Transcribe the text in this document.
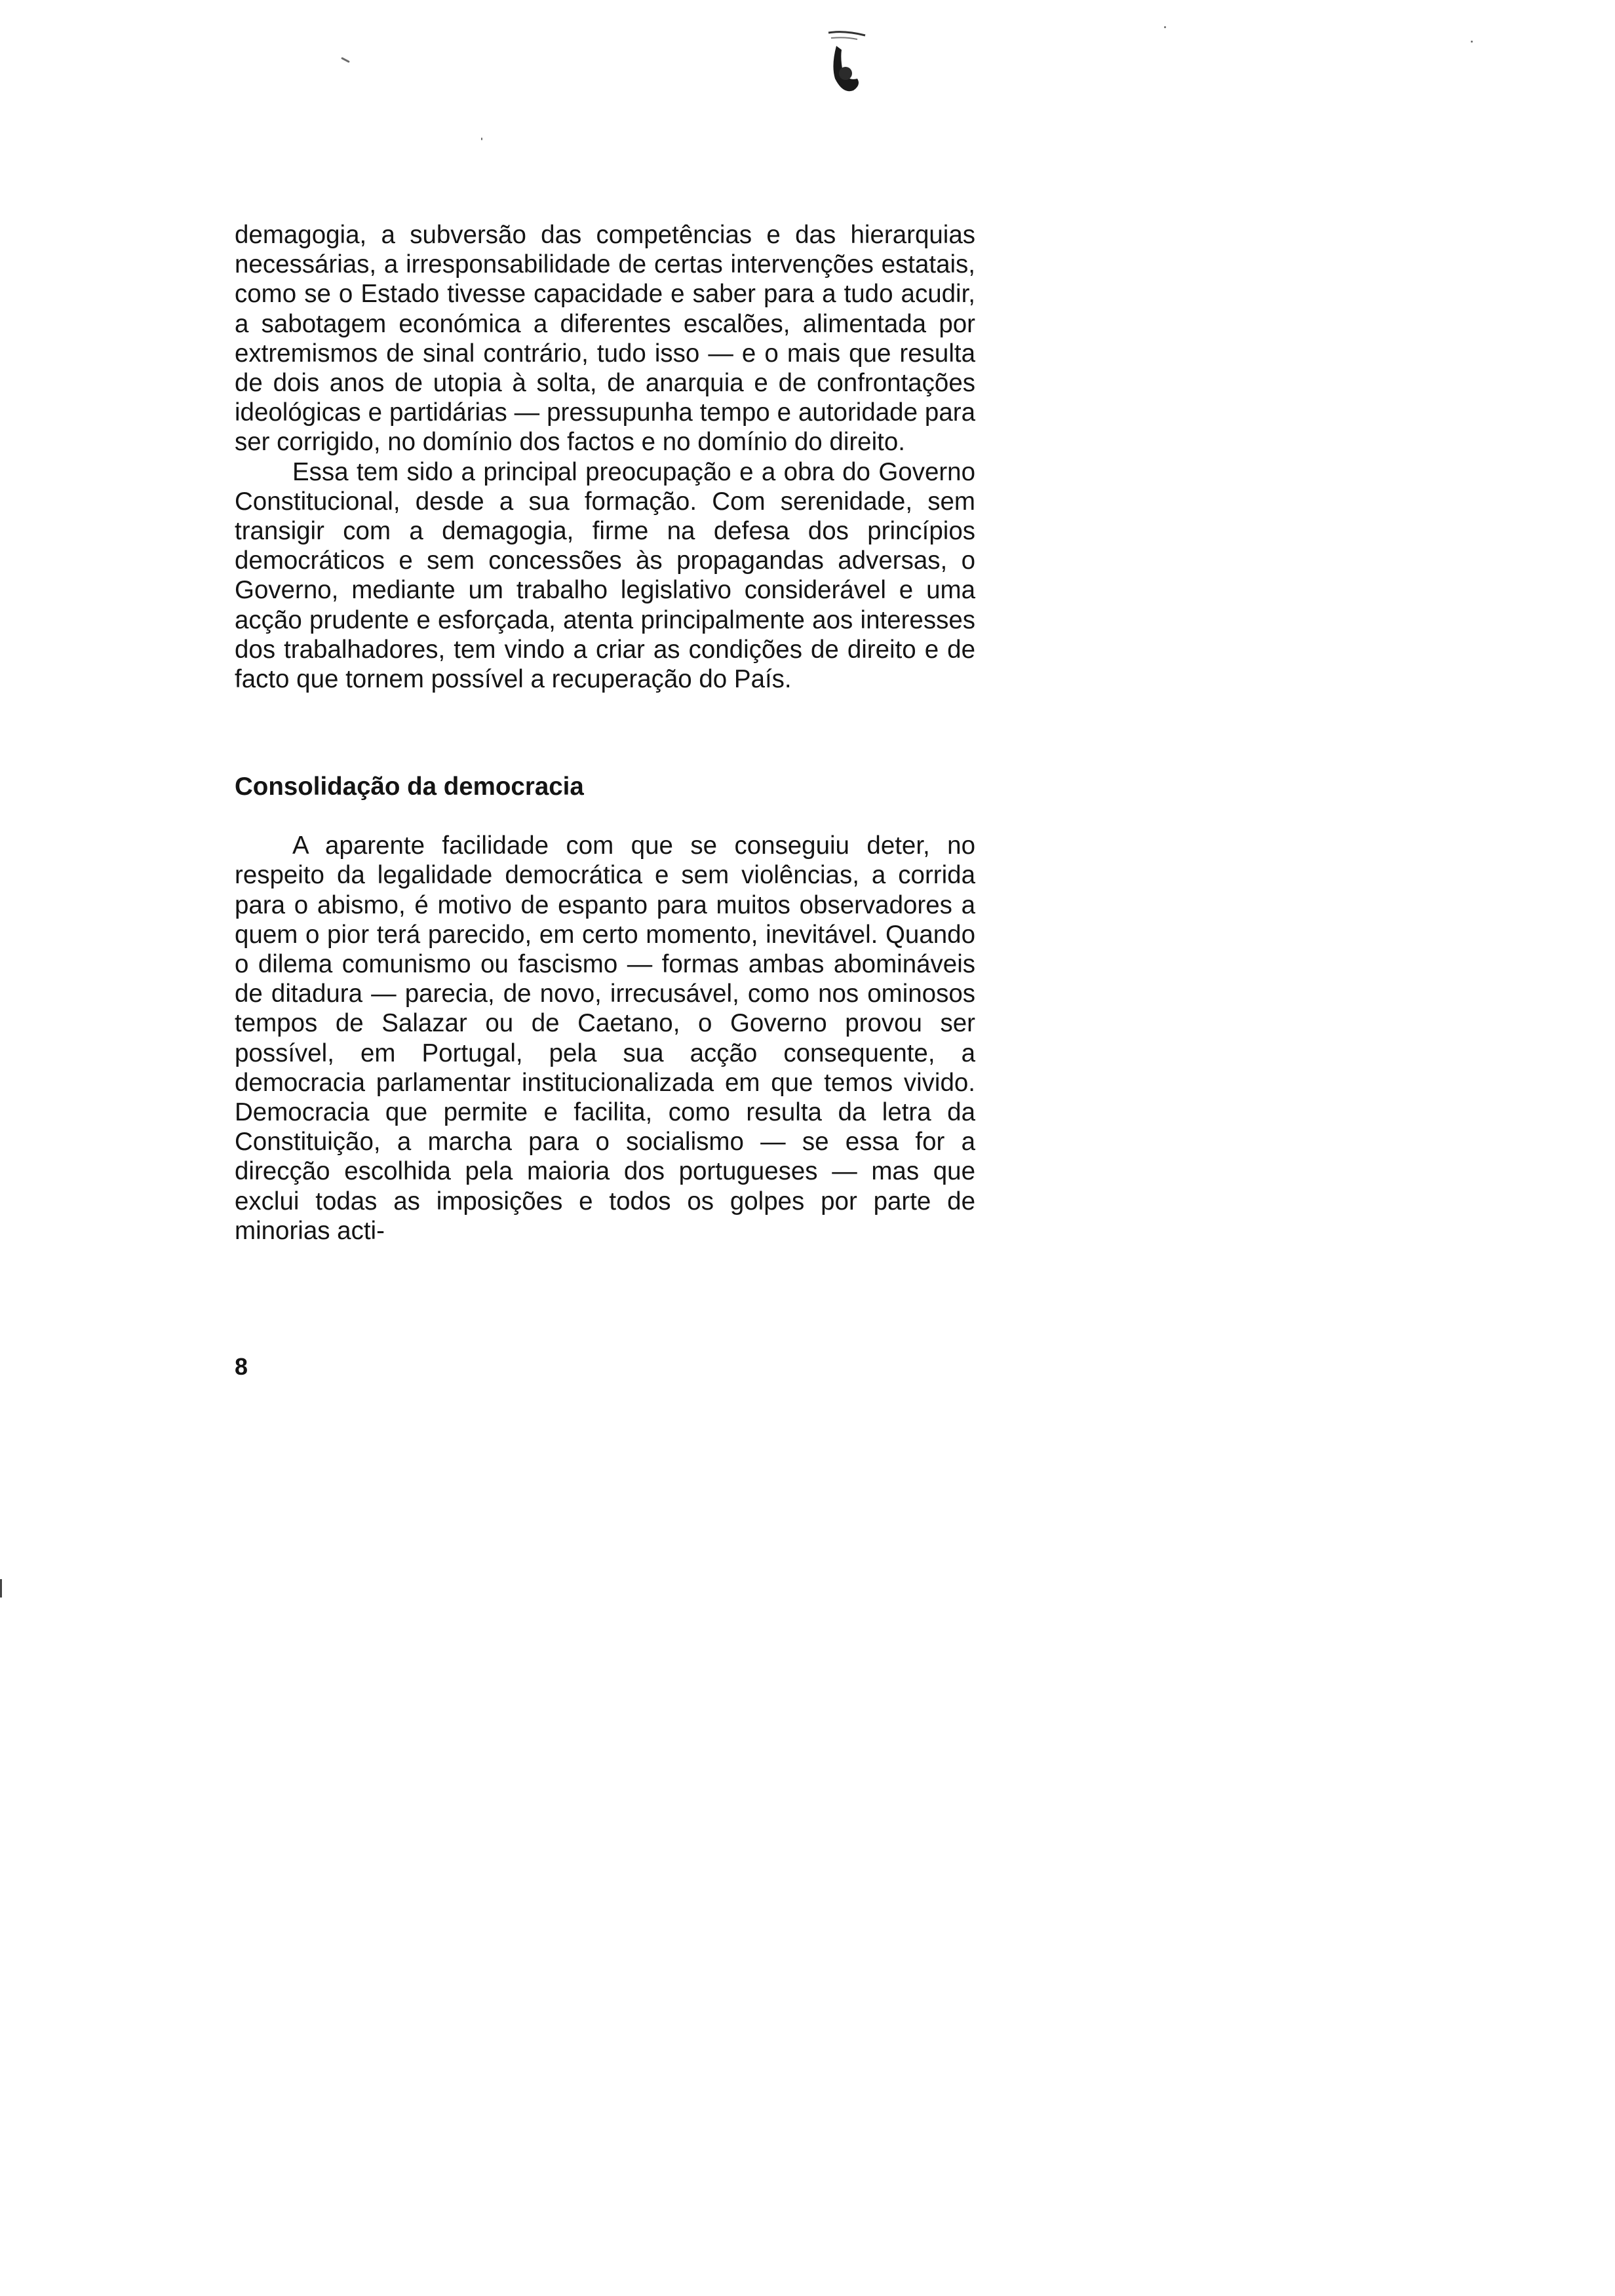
demagogia, a subversão das competências e das hierarquias necessárias, a irresponsabilidade de certas intervenções estatais, como se o Estado tivesse capacidade e saber para a tudo acudir, a sabotagem económica a diferentes escalões, alimentada por extremismos de sinal contrário, tudo isso — e o mais que resulta de dois anos de utopia à solta, de anarquia e de confrontações ideológicas e partidárias — pressupunha tempo e autoridade para ser corrigido, no domínio dos factos e no domínio do direito.

Essa tem sido a principal preocupação e a obra do Governo Constitucional, desde a sua formação. Com serenidade, sem transigir com a demagogia, firme na defesa dos princípios democráticos e sem concessões às propagandas adversas, o Governo, mediante um trabalho legislativo considerável e uma acção prudente e esforçada, atenta principalmente aos interesses dos trabalhadores, tem vindo a criar as condições de direito e de facto que tornem possível a recuperação do País.

Consolidação da democracia

A aparente facilidade com que se conseguiu deter, no respeito da legalidade democrática e sem violências, a corrida para o abismo, é motivo de espanto para muitos observadores a quem o pior terá parecido, em certo momento, inevitável. Quando o dilema comunismo ou fascismo — formas ambas abomináveis de ditadura — parecia, de novo, irrecusável, como nos ominosos tempos de Salazar ou de Caetano, o Governo provou ser possível, em Portugal, pela sua acção consequente, a democracia parlamentar institucionalizada em que temos vivido. Democracia que permite e facilita, como resulta da letra da Constituição, a marcha para o socialismo — se essa for a direcção escolhida pela maioria dos portugueses — mas que exclui todas as imposições e todos os golpes por parte de minorias acti-

8
